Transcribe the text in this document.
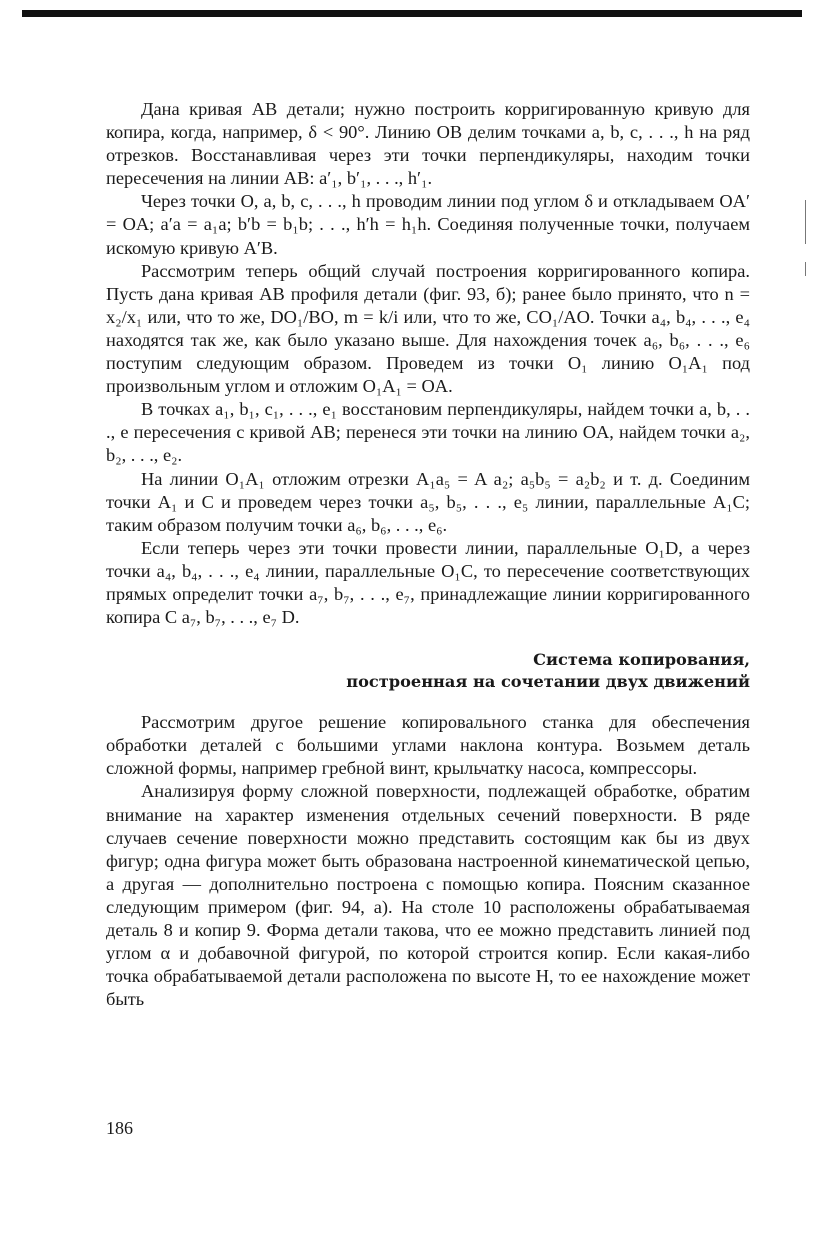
Дана кривая AB детали; нужно построить корригированную кривую для копира, когда, например, δ < 90°. Линию OB делим точками a, b, c, . . ., h на ряд отрезков. Восстанавливая через эти точки перпендикуляры, находим точки пересечения на линии AB: a′₁, b′₁, . . ., h′₁.

Через точки O, a, b, c, . . ., h проводим линии под углом δ и откладываем OA′ = OA; a′a = a₁a; b′b = b₁b; . . ., h′h = h₁h. Соединяя полученные точки, получаем искомую кривую A′B.

Рассмотрим теперь общий случай построения корригированного копира. Пусть дана кривая AB профиля детали (фиг. 93, б); ранее было принято, что n = x₂/x₁ или, что то же, DO₁/BO, m = k/i или, что то же, CO₁/AO. Точки a₄, b₄, . . ., e₄ находятся так же, как было указано выше. Для нахождения точек a₆, b₆, . . ., e₆ поступим следующим образом. Проведем из точки O₁ линию O₁A₁ под произвольным углом и отложим O₁A₁ = OA.

В точках a₁, b₁, c₁, . . ., e₁ восстановим перпендикуляры, найдем точки a, b, . . ., e пересечения с кривой AB; перенеся эти точки на линию OA, найдем точки a₂, b₂, . . ., e₂.

На линии O₁A₁ отложим отрезки A₁a₅ = A a₂; a₅b₅ = a₂b₂ и т. д. Соединим точки A₁ и C и проведем через точки a₅, b₅, . . ., e₅ линии, параллельные A₁C; таким образом получим точки a₆, b₆, . . ., e₆.

Если теперь через эти точки провести линии, параллельные O₁D, а через точки a₄, b₄, . . ., e₄ линии, параллельные O₁C, то пересечение соответствующих прямых определит точки a₇, b₇, . . ., e₇, принадлежащие линии корригированного копира C a₇, b₇, . . ., e₇ D.

Система копирования,
построенная на сочетании двух движений

Рассмотрим другое решение копировального станка для обеспечения обработки деталей с большими углами наклона контура. Возьмем деталь сложной формы, например гребной винт, крыльчатку насоса, компрессоры.

Анализируя форму сложной поверхности, подлежащей обработке, обратим внимание на характер изменения отдельных сечений поверхности. В ряде случаев сечение поверхности можно представить состоящим как бы из двух фигур; одна фигура может быть образована настроенной кинематической цепью, а другая — дополнительно построена с помощью копира. Поясним сказанное следующим примером (фиг. 94, а). На столе 10 расположены обрабатываемая деталь 8 и копир 9. Форма детали такова, что ее можно представить линией под углом α и добавочной фигурой, по которой строится копир. Если какая-либо точка обрабатываемой детали расположена по высоте H, то ее нахождение может быть

186
